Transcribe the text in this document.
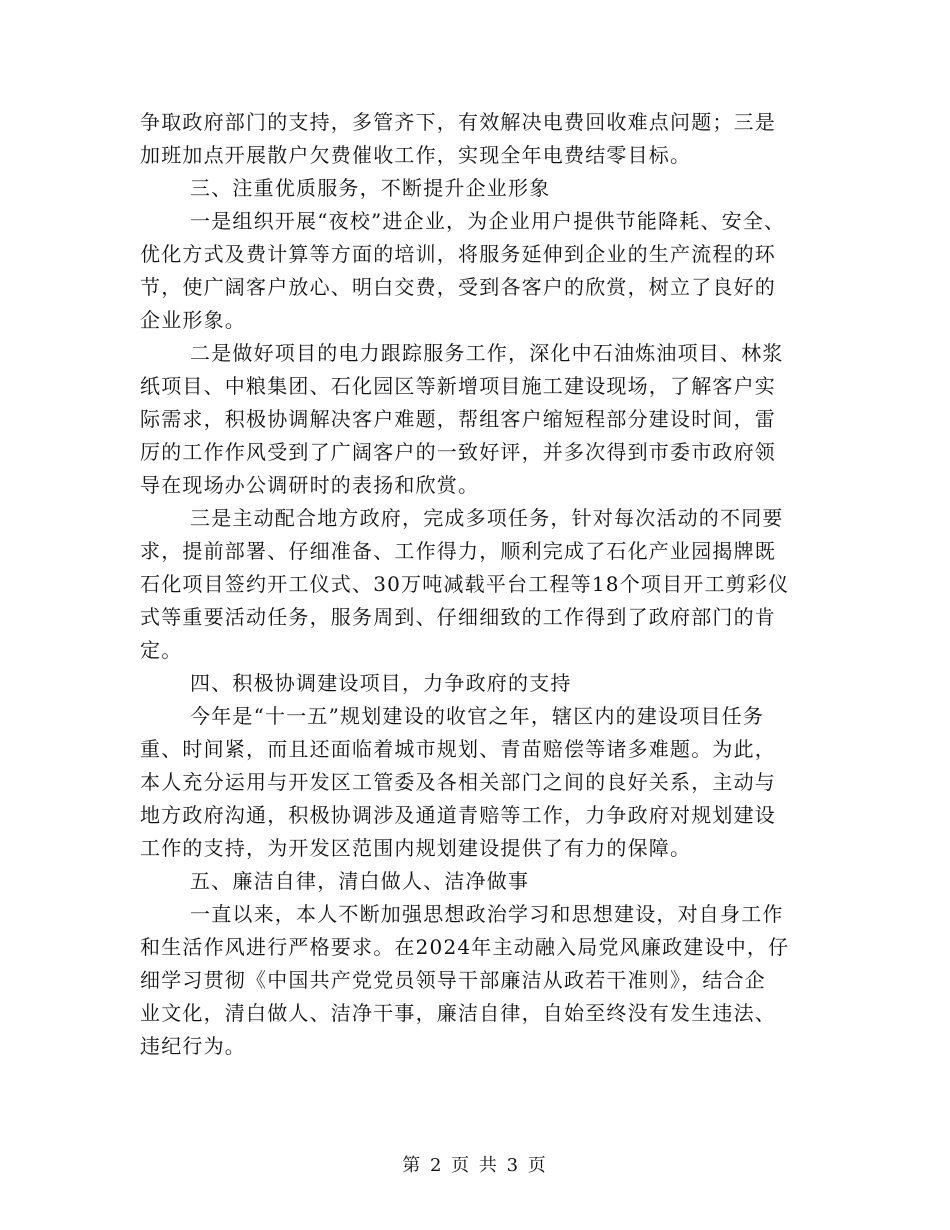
争取政府部门的支持，多管齐下，有效解决电费回收难点问题；三是
加班加点开展散户欠费催收工作，实现全年电费结零目标。
三、注重优质服务，不断提升企业形象
一是组织开展“夜校”进企业，为企业用户提供节能降耗、安全、
优化方式及费计算等方面的培训，将服务延伸到企业的生产流程的环
节，使广阔客户放心、明白交费，受到各客户的欣赏，树立了良好的
企业形象。
二是做好项目的电力跟踪服务工作，深化中石油炼油项目、林浆
纸项目、中粮集团、石化园区等新增项目施工建设现场，了解客户实
际需求，积极协调解决客户难题，帮组客户缩短程部分建设时间，雷
厉的工作作风受到了广阔客户的一致好评，并多次得到市委市政府领
导在现场办公调研时的表扬和欣赏。
三是主动配合地方政府，完成多项任务，针对每次活动的不同要
求，提前部署、仔细准备、工作得力，顺利完成了石化产业园揭牌既
石化项目签约开工仪式、30万吨减载平台工程等18个项目开工剪彩仪
式等重要活动任务，服务周到、仔细细致的工作得到了政府部门的肯
定。
四、积极协调建设项目，力争政府的支持
今年是“十一五”规划建设的收官之年，辖区内的建设项目任务
重、时间紧，而且还面临着城市规划、青苗赔偿等诸多难题。为此，
本人充分运用与开发区工管委及各相关部门之间的良好关系，主动与
地方政府沟通，积极协调涉及通道青赔等工作，力争政府对规划建设
工作的支持，为开发区范围内规划建设提供了有力的保障。
五、廉洁自律，清白做人、洁净做事
一直以来，本人不断加强思想政治学习和思想建设，对自身工作
和生活作风进行严格要求。在2024年主动融入局党风廉政建设中，仔
细学习贯彻《中国共产党党员领导干部廉洁从政若干准则》，结合企
业文化，清白做人、洁净干事，廉洁自律，自始至终没有发生违法、
违纪行为。
第 2 页 共 3 页
